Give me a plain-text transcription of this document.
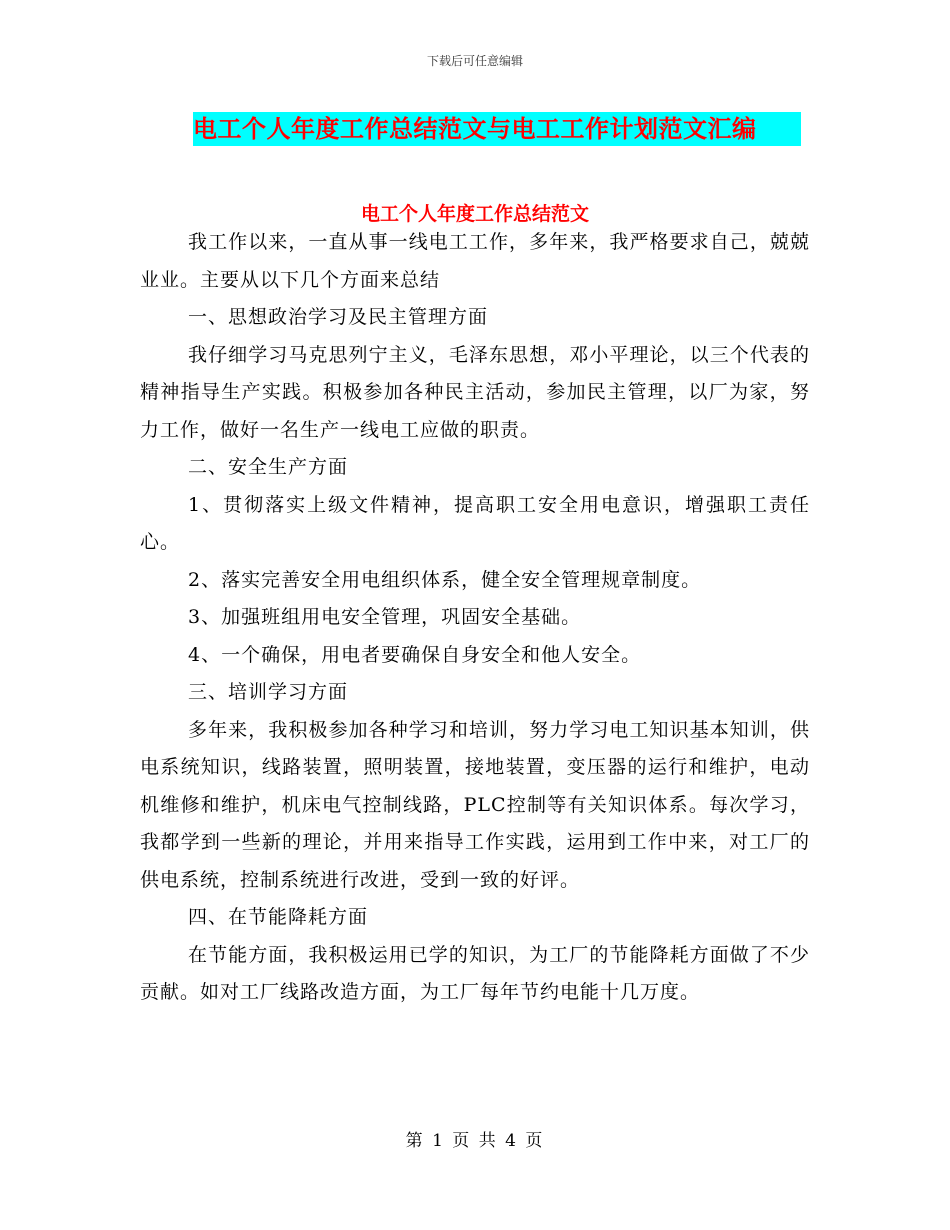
下载后可任意编辑
电工个人年度工作总结范文与电工工作计划范文汇编
电工个人年度工作总结范文

我工作以来，一直从事一线电工工作，多年来，我严格要求自己，兢兢业业。主要从以下几个方面来总结

一、思想政治学习及民主管理方面

我仔细学习马克思列宁主义，毛泽东思想，邓小平理论，以三个代表的精神指导生产实践。积极参加各种民主活动，参加民主管理，以厂为家，努力工作，做好一名生产一线电工应做的职责。

二、安全生产方面

1、贯彻落实上级文件精神，提高职工安全用电意识，增强职工责任心。

2、落实完善安全用电组织体系，健全安全管理规章制度。

3、加强班组用电安全管理，巩固安全基础。

4、一个确保，用电者要确保自身安全和他人安全。

三、培训学习方面

多年来，我积极参加各种学习和培训，努力学习电工知识基本知训，供电系统知识，线路装置，照明装置，接地装置，变压器的运行和维护，电动机维修和维护，机床电气控制线路，PLC控制等有关知识体系。每次学习，我都学到一些新的理论，并用来指导工作实践，运用到工作中来，对工厂的供电系统，控制系统进行改进，受到一致的好评。

四、在节能降耗方面

在节能方面，我积极运用已学的知识，为工厂的节能降耗方面做了不少贡献。如对工厂线路改造方面，为工厂每年节约电能十几万度。

第 1 页 共 4 页
